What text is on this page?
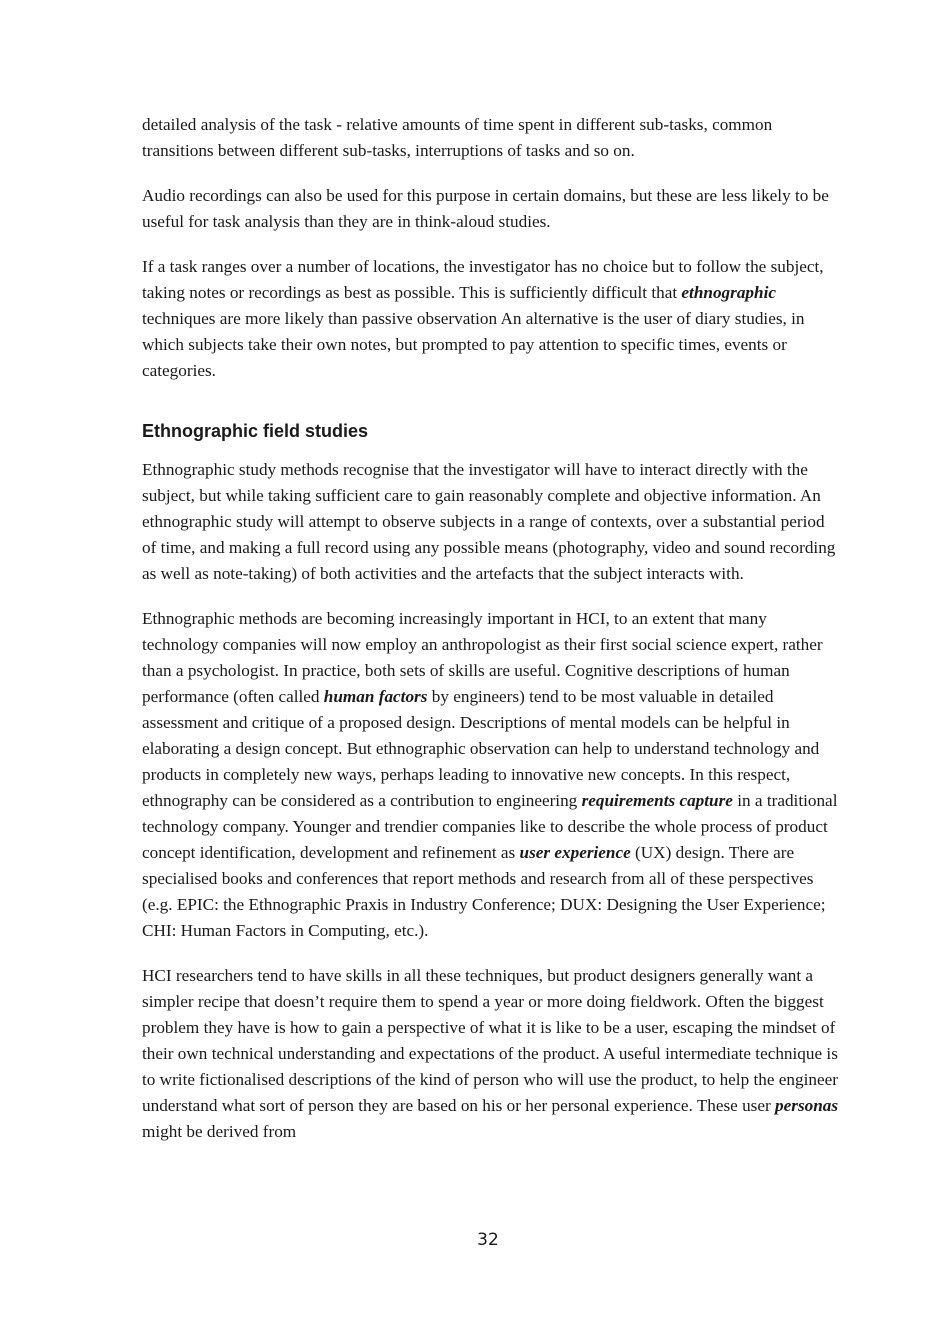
detailed analysis of the task - relative amounts of time spent in different sub-tasks, common transitions between different sub-tasks, interruptions of tasks and so on.

Audio recordings can also be used for this purpose in certain domains, but these are less likely to be useful for task analysis than they are in think-aloud studies.

If a task ranges over a number of locations, the investigator has no choice but to follow the subject, taking notes or recordings as best as possible. This is sufficiently difficult that ethnographic techniques are more likely than passive observation An alternative is the user of diary studies, in which subjects take their own notes, but prompted to pay attention to specific times, events or categories.

Ethnographic field studies

Ethnographic study methods recognise that the investigator will have to interact directly with the subject, but while taking sufficient care to gain reasonably complete and objective information. An ethnographic study will attempt to observe subjects in a range of contexts, over a substantial period of time, and making a full record using any possible means (photography, video and sound recording as well as note-taking) of both activities and the artefacts that the subject interacts with.

Ethnographic methods are becoming increasingly important in HCI, to an extent that many technology companies will now employ an anthropologist as their first social science expert, rather than a psychologist. In practice, both sets of skills are useful. Cognitive descriptions of human performance (often called human factors by engineers) tend to be most valuable in detailed assessment and critique of a proposed design. Descriptions of mental models can be helpful in elaborating a design concept. But ethnographic observation can help to understand technology and products in completely new ways, perhaps leading to innovative new concepts. In this respect, ethnography can be considered as a contribution to engineering requirements capture in a traditional technology company. Younger and trendier companies like to describe the whole process of product concept identification, development and refinement as user experience (UX) design. There are specialised books and conferences that report methods and research from all of these perspectives (e.g. EPIC: the Ethnographic Praxis in Industry Conference; DUX: Designing the User Experience; CHI: Human Factors in Computing, etc.).

HCI researchers tend to have skills in all these techniques, but product designers generally want a simpler recipe that doesn’t require them to spend a year or more doing fieldwork. Often the biggest problem they have is how to gain a perspective of what it is like to be a user, escaping the mindset of their own technical understanding and expectations of the product. A useful intermediate technique is to write fictionalised descriptions of the kind of person who will use the product, to help the engineer understand what sort of person they are based on his or her personal experience. These user personas might be derived from

32
